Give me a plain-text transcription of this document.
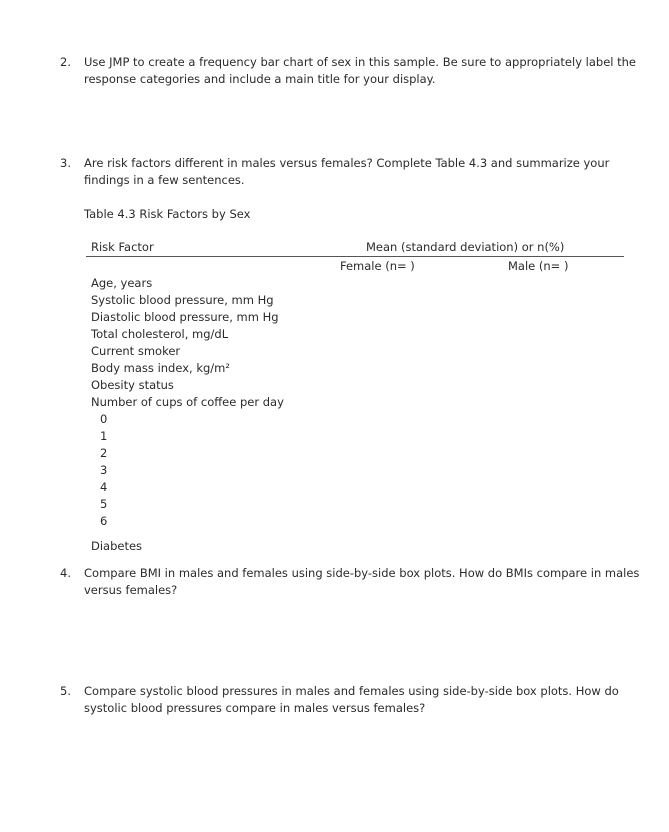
2. Use JMP to create a frequency bar chart of sex in this sample. Be sure to appropriately label the
response categories and include a main title for your display.
3. Are risk factors different in males versus females? Complete Table 4.3 and summarize your
findings in a few sentences.
Table 4.3 Risk Factors by Sex
Risk Factor	Mean (standard deviation) or n(%)
Female (n= )	Male (n= )
Age, years
Systolic blood pressure, mm Hg
Diastolic blood pressure, mm Hg
Total cholesterol, mg/dL
Current smoker
Body mass index, kg/m²
Obesity status
Number of cups of coffee per day
0
1
2
3
4
5
6
Diabetes
4. Compare BMI in males and females using side-by-side box plots. How do BMIs compare in males
versus females?
5. Compare systolic blood pressures in males and females using side-by-side box plots. How do
systolic blood pressures compare in males versus females?
